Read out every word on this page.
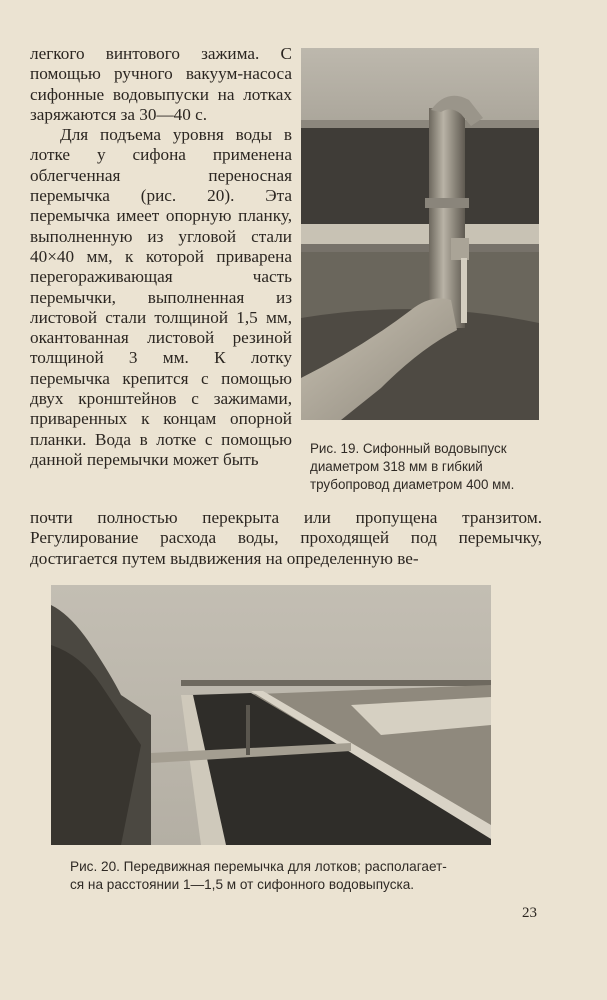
легкого винтового зажима. С помощью ручного вакуум-насоса сифонные водовыпуски на лотках заряжаются за 30—40 с.

Для подъема уровня воды в лотке у сифона применена облегченная переносная перемычка (рис. 20). Эта перемычка имеет опорную планку, выполненную из угловой стали 40×40 мм, к которой приварена перегораживающая часть перемычки, выполненная из листовой стали толщиной 1,5 мм, окантованная листовой резиной толщиной 3 мм. К лотку перемычка крепится с помощью двух кронштейнов с зажимами, приваренных к концам опорной планки. Вода в лотке с помощью данной перемычки может быть

Рис. 19. Сифонный водовыпуск
диаметром 318 мм в гибкий
трубопровод диаметром 400 мм.
почти полностью перекрыта или пропущена транзитом. Регулирование расхода воды, проходящей под перемычку, достигается путем выдвижения на определенную ве-
Рис. 20. Передвижная перемычка для лотков; располагает-
ся на расстоянии 1—1,5 м от сифонного водовыпуска.
23
